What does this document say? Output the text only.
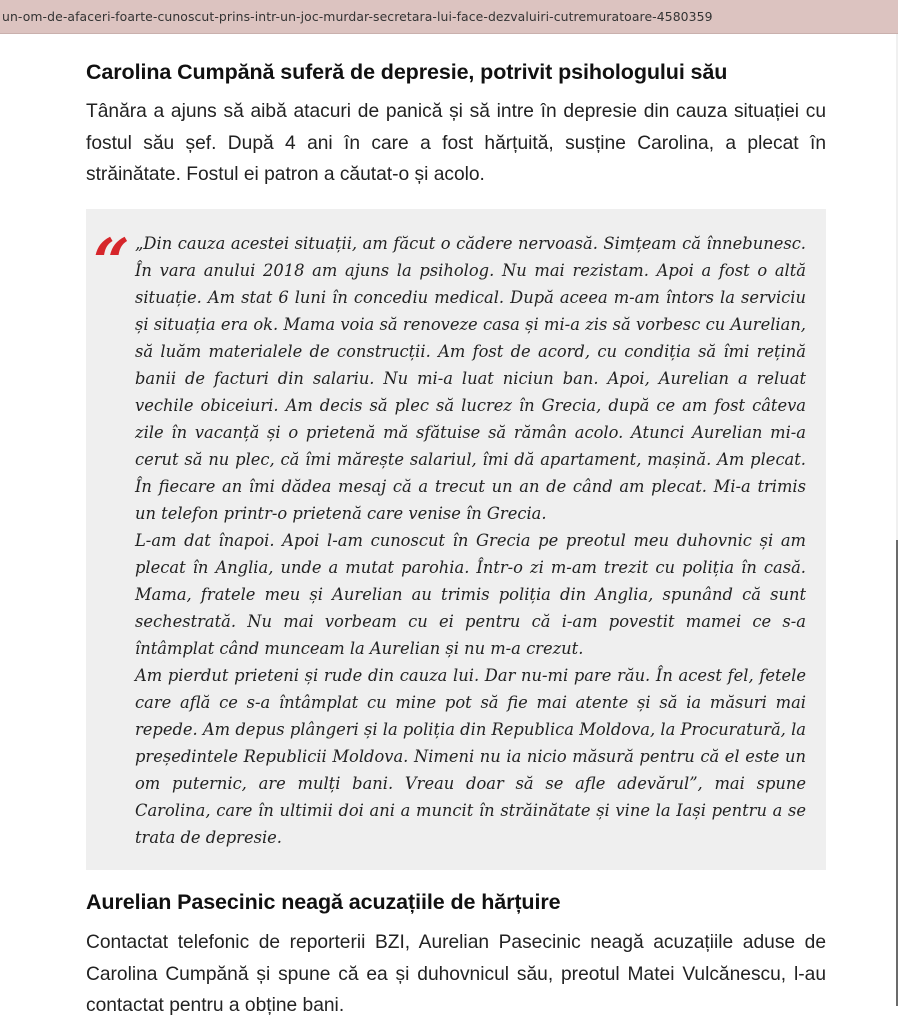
un-om-de-afaceri-foarte-cunoscut-prins-intr-un-joc-murdar-secretara-lui-face-dezvaluiri-cutremuratoare-4580359
Carolina Cumpănă suferă de depresie, potrivit psihologului său

Tânăra a ajuns să aibă atacuri de panică și să intre în depresie din cauza situației cu fostul său șef. După 4 ani în care a fost hărțuită, susține Carolina, a plecat în străinătate. Fostul ei patron a căutat-o și acolo.

“ „Din cauza acestei situații, am făcut o cădere nervoasă. Simțeam că înnebunesc. În vara anului 2018 am ajuns la psiholog. Nu mai rezistam. Apoi a fost o altă situație. Am stat 6 luni în concediu medical. După aceea m-am întors la serviciu și situația era ok. Mama voia să renoveze casa și mi-a zis să vorbesc cu Aurelian, să luăm materialele de construcții. Am fost de acord, cu condiția să îmi rețină banii de facturi din salariu. Nu mi-a luat niciun ban. Apoi, Aurelian a reluat vechile obiceiuri. Am decis să plec să lucrez în Grecia, după ce am fost câteva zile în vacanță și o prietenă mă sfătuise să rămân acolo. Atunci Aurelian mi-a cerut să nu plec, că îmi mărește salariul, îmi dă apartament, mașină. Am plecat. În fiecare an îmi dădea mesaj că a trecut un an de când am plecat. Mi-a trimis un telefon printr-o prietenă care venise în Grecia.

L-am dat înapoi. Apoi l-am cunoscut în Grecia pe preotul meu duhovnic și am plecat în Anglia, unde a mutat parohia. Într-o zi m-am trezit cu poliția în casă. Mama, fratele meu și Aurelian au trimis poliția din Anglia, spunând că sunt sechestrată. Nu mai vorbeam cu ei pentru că i-am povestit mamei ce s-a întâmplat când munceam la Aurelian și nu m-a crezut.

Am pierdut prieteni și rude din cauza lui. Dar nu-mi pare rău. În acest fel, fetele care află ce s-a întâmplat cu mine pot să fie mai atente și să ia măsuri mai repede. Am depus plângeri și la poliția din Republica Moldova, la Procuratură, la președintele Republicii Moldova. Nimeni nu ia nicio măsură pentru că el este un om puternic, are mulți bani. Vreau doar să se afle adevărul”, mai spune Carolina, care în ultimii doi ani a muncit în străinătate și vine la Iași pentru a se trata de depresie.

Aurelian Pasecinic neagă acuzațiile de hărțuire

Contactat telefonic de reporterii BZI, Aurelian Pasecinic neagă acuzațiile aduse de Carolina Cumpănă și spune că ea și duhovnicul său, preotul Matei Vulcănescu, l-au contactat pentru a obține bani.
